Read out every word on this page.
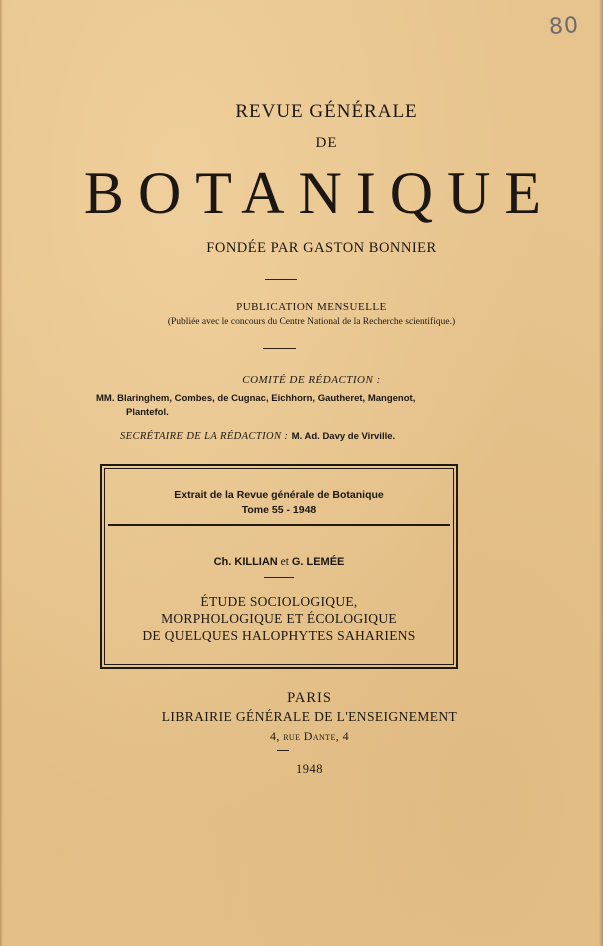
80
REVUE GÉNÉRALE
DE
BOTANIQUE
FONDÉE PAR GASTON BONNIER
PUBLICATION MENSUELLE
(Publiée avec le concours du Centre National de la Recherche scientifique.)
COMITÉ DE RÉDACTION :
MM. Blaringhem, Combes, de Cugnac, Eichhorn, Gautheret, Mangenot,
Plantefol.
SECRÉTAIRE DE LA RÉDACTION : M. Ad. Davy de Virville.
Extrait de la Revue générale de Botanique
Tome 55 - 1948
Ch. KILLIAN et G. LEMÉE
ÉTUDE SOCIOLOGIQUE,
MORPHOLOGIQUE ET ÉCOLOGIQUE
DE QUELQUES HALOPHYTES SAHARIENS
PARIS
LIBRAIRIE GÉNÉRALE DE L'ENSEIGNEMENT
4, rue Dante, 4
1948
